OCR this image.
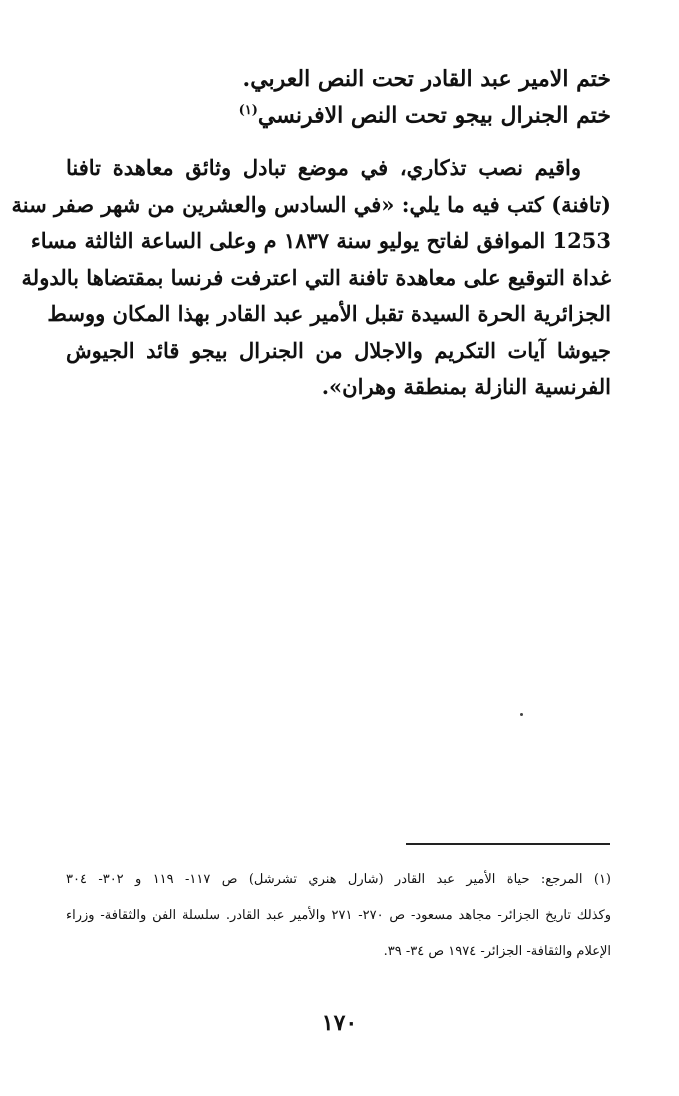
ختم الامير عبد القادر تحت النص العربي.
ختم الجنرال بيجو تحت النص الافرنسي$^{(١)}$
واقيم نصب تذكاري، في موضع تبادل وثائق معاهدة تافنا
(تافنة) كتب فيه ما يلي: «في السادس والعشرين من شهر صفر سنة
1253 الموافق لفاتح يوليو سنة ١٨٣٧ م وعلى الساعة الثالثة مساء
غداة التوقيع على معاهدة تافنة التي اعترفت فرنسا بمقتضاها بالدولة
الجزائرية الحرة السيدة تقبل الأمير عبد القادر بهذا المكان ووسط
جيوشا آيات التكريم والاجلال من الجنرال بيجو قائد الجيوش
الفرنسية النازلة بمنطقة وهران».
(١) المرجع: حياة الأمير عبد القادر (شارل هنري تشرشل) ص ١١٧- ١١٩ و ٣٠٢- ٣٠٤
وكذلك تاريخ الجزائر- مجاهد مسعود- ص ٢٧٠- ٢٧١ والأمير عبد القادر. سلسلة الفن والثقافة- وزراء
الإعلام والثقافة- الجزائر- ١٩٧٤ ص ٣٤- ٣٩.
١٧٠
